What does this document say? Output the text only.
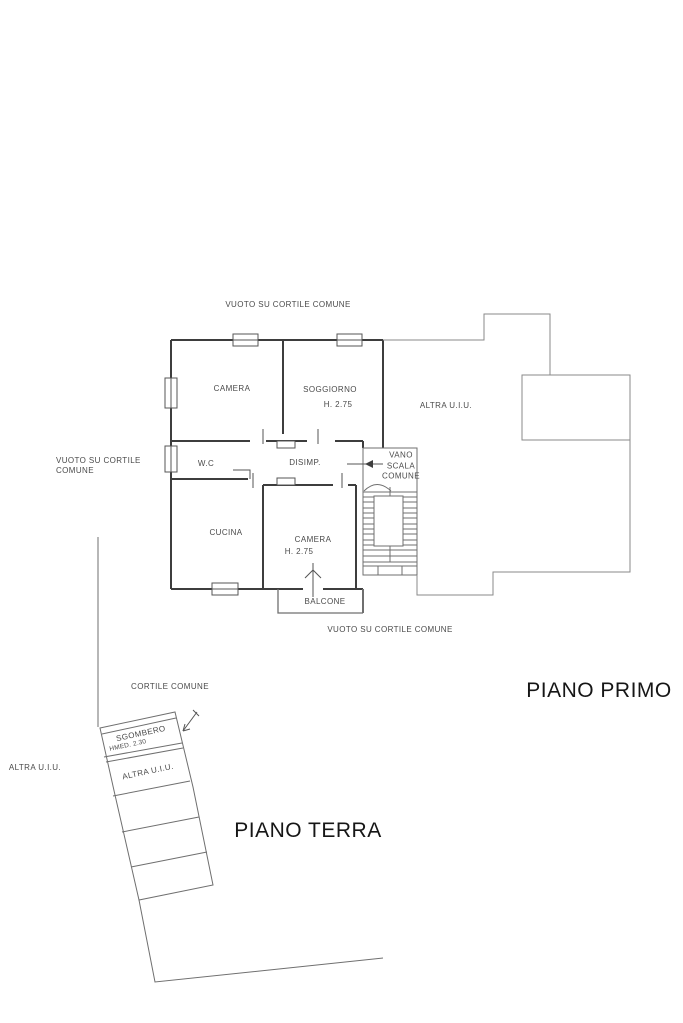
VUOTO SU CORTILE COMUNE
VUOTO SU CORTILE
COMUNE
CAMERA	SOGGIORNO
H. 2.75	ALTRA U.I.U.
W.C	DISIMP.
VANO
SCALA
COMUNE
CUCINA
CAMERA
H. 2.75
BALCONE
VUOTO SU CORTILE COMUNE
PIANO PRIMO
CORTILE COMUNE
SGOMBERO
HMED. 2.30
ALTRA U.I.U.
ALTRA U.I.U.
PIANO TERRA
